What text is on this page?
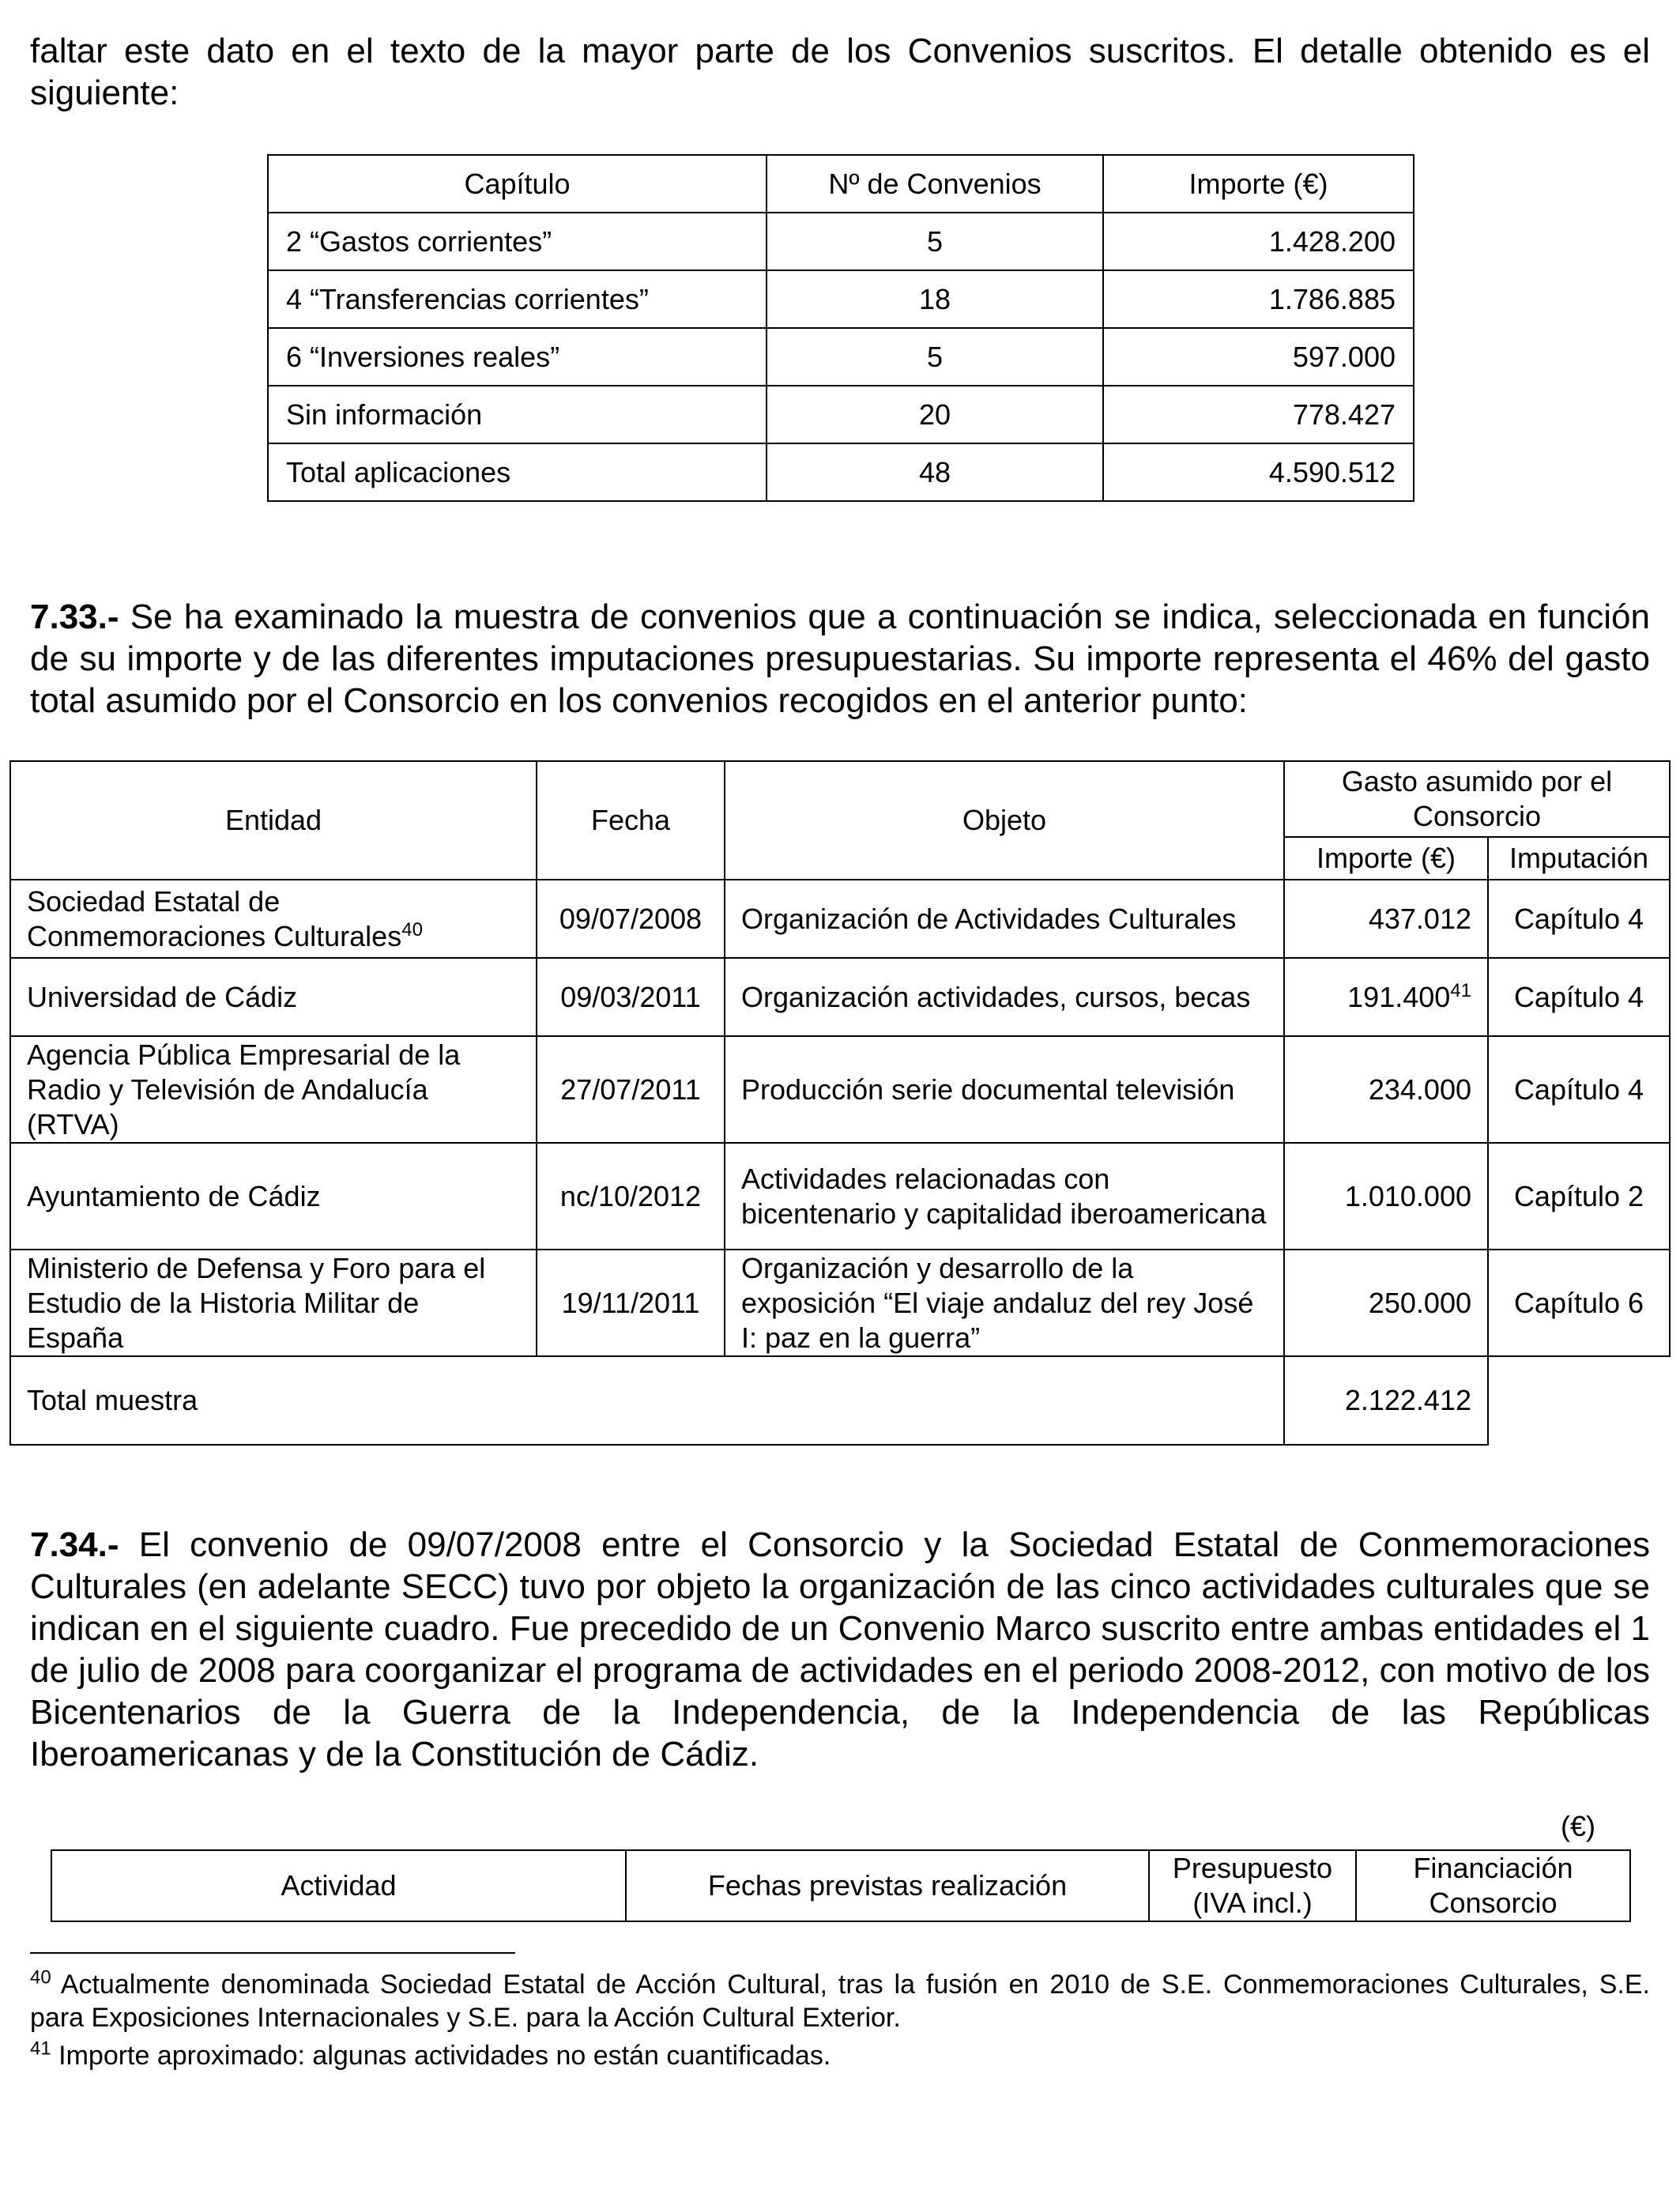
faltar este dato en el texto de la mayor parte de los Convenios suscritos. El detalle obtenido es el siguiente:

Capítulo	Nº de Convenios	Importe (€)
2 “Gastos corrientes”	5	1.428.200
4 “Transferencias corrientes”	18	1.786.885
6 “Inversiones reales”	5	597.000
Sin información	20	778.427
Total aplicaciones	48	4.590.512

7.33.- Se ha examinado la muestra de convenios que a continuación se indica, seleccionada en función de su importe y de las diferentes imputaciones presupuestarias. Su importe representa el 46% del gasto total asumido por el Consorcio en los convenios recogidos en el anterior punto:

Entidad	Fecha	Objeto	Gasto asumido por el Consorcio	
			Importe (€)	Imputación
Sociedad Estatal de Conmemoraciones Culturales$^{40}$	09/07/2008	Organización de Actividades Culturales	437.012	Capítulo 4
Universidad de Cádiz	09/03/2011	Organización actividades, cursos, becas	191.400$^{41}$	Capítulo 4
Agencia Pública Empresarial de la Radio y Televisión de Andalucía (RTVA)	27/07/2011	Producción serie documental televisión	234.000	Capítulo 4
Ayuntamiento de Cádiz	nc/10/2012	Actividades relacionadas con bicentenario y capitalidad iberoamericana	1.010.000	Capítulo 2
Ministerio de Defensa y Foro para el Estudio de la Historia Militar de España	19/11/2011	Organización y desarrollo de la exposición “El viaje andaluz del rey José I: paz en la guerra”	250.000	Capítulo 6
Total muestra			2.122.412	

7.34.- El convenio de 09/07/2008 entre el Consorcio y la Sociedad Estatal de Conmemoraciones Culturales (en adelante SECC) tuvo por objeto la organización de las cinco actividades culturales que se indican en el siguiente cuadro. Fue precedido de un Convenio Marco suscrito entre ambas entidades el 1 de julio de 2008 para coorganizar el programa de actividades en el periodo 2008-2012, con motivo de los Bicentenarios de la Guerra de la Independencia, de la Independencia de las Repúblicas Iberoamericanas y de la Constitución de Cádiz.

(€)
Actividad	Fechas previstas realización	Presupuesto (IVA incl.)	Financiación Consorcio

$^{40}$ Actualmente denominada Sociedad Estatal de Acción Cultural, tras la fusión en 2010 de S.E. Conmemoraciones Culturales, S.E. para Exposiciones Internacionales y S.E. para la Acción Cultural Exterior.

$^{41}$ Importe aproximado: algunas actividades no están cuantificadas.
